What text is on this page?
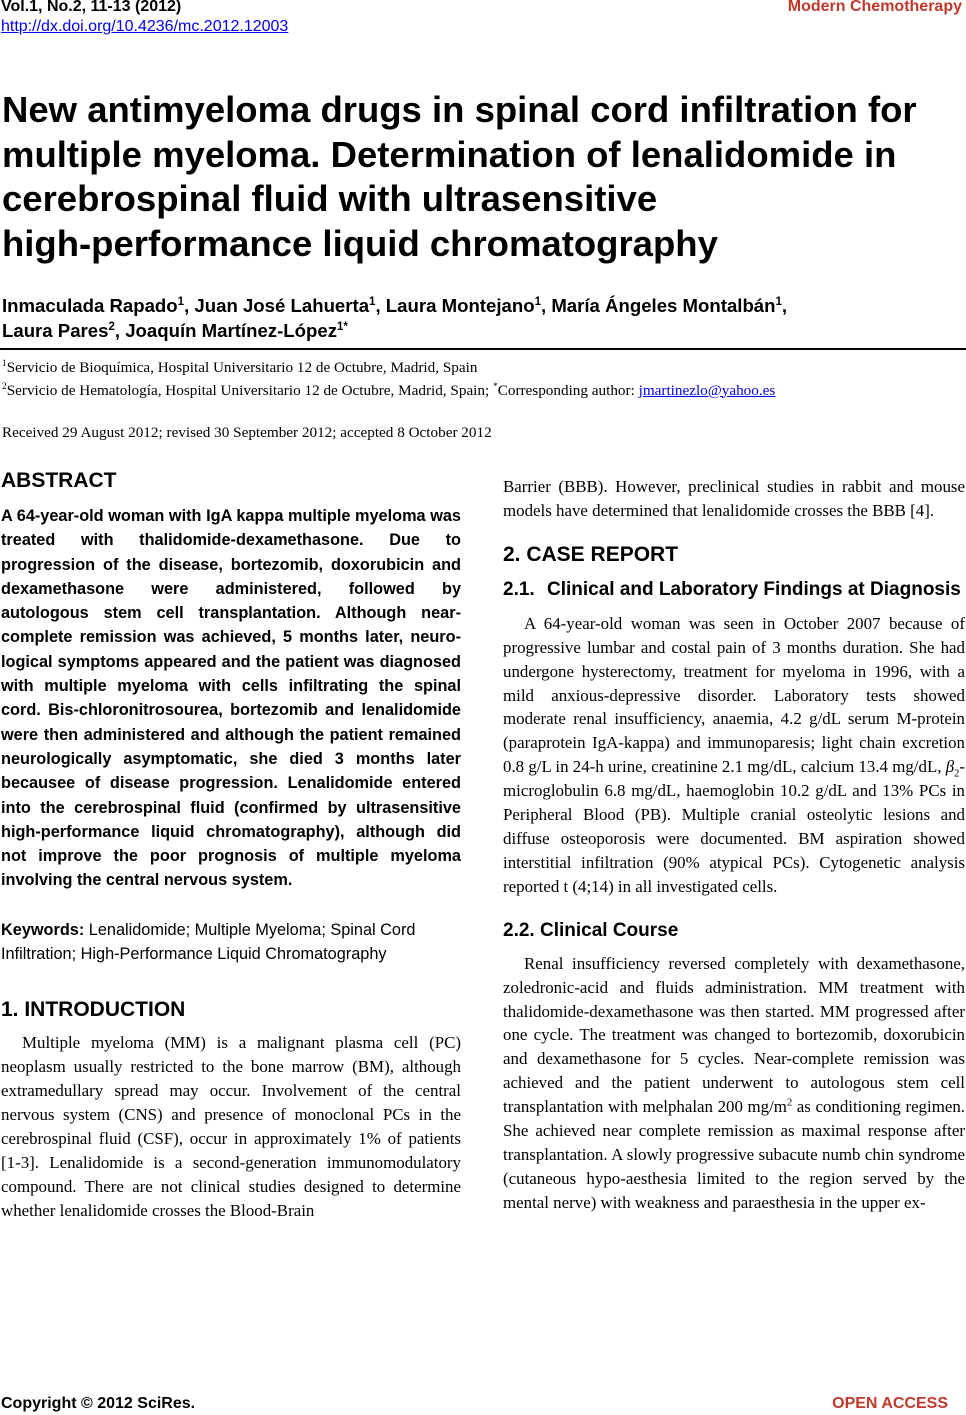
Vol.1, No.2, 11-13 (2012)
http://dx.doi.org/10.4236/mc.2012.12003
Modern Chemotherapy
New antimyeloma drugs in spinal cord infiltration for
multiple myeloma. Determination of lenalidomide in
cerebrospinal fluid with ultrasensitive
high-performance liquid chromatography
Inmaculada Rapado$^1$, Juan José Lahuerta$^1$, Laura Montejano$^1$, María Ángeles Montalbán$^1$,
Laura Pares$^2$, Joaquín Martínez-López$^{1*}$
$^1$Servicio de Bioquímica, Hospital Universitario 12 de Octubre, Madrid, Spain
$^2$Servicio de Hematología, Hospital Universitario 12 de Octubre, Madrid, Spain; *Corresponding author: jmartinezlo@yahoo.es
Received 29 August 2012; revised 30 September 2012; accepted 8 October 2012
ABSTRACT

A 64-year-old woman with IgA kappa multiple myeloma was treated with thalidomide-dexamethasone. Due to progression of the disease, bortezomib, doxorubicin and dexamethasone were administered, followed by autologous stem cell transplantation. Although near-complete remission was achieved, 5 months later, neurological symptoms appeared and the patient was diagnosed with multiple myeloma with cells infiltrating the spinal cord. Bis-chloronitrosourea, bortezomib and lenalidomide were then administered and although the patient remained neurologically asymptomatic, she died 3 months later becausee of disease progression. Lenalidomide entered into the cerebrospinal fluid (confirmed by ultrasensitive high-performance liquid chromatography), although did not improve the poor prognosis of multiple myeloma involving the central nervous system.

Keywords: Lenalidomide; Multiple Myeloma; Spinal Cord Infiltration; High-Performance Liquid Chromatography

1. INTRODUCTION

Multiple myeloma (MM) is a malignant plasma cell (PC) neoplasm usually restricted to the bone marrow (BM), although extramedullary spread may occur. Involvement of the central nervous system (CNS) and presence of monoclonal PCs in the cerebrospinal fluid (CSF), occur in approximately 1% of patients [1-3]. Lenalidomide is a second-generation immunomodulatory compound. There are not clinical studies designed to determine whether lenalidomide crosses the Blood-Brain

Barrier (BBB). However, preclinical studies in rabbit and mouse models have determined that lenalidomide crosses the BBB [4].

2. CASE REPORT
2.1. Clinical and Laboratory Findings at Diagnosis

A 64-year-old woman was seen in October 2007 because of progressive lumbar and costal pain of 3 months duration. She had undergone hysterectomy, treatment for myeloma in 1996, with a mild anxious-depressive disorder. Laboratory tests showed moderate renal insufficiency, anaemia, 4.2 g/dL serum M-protein (paraprotein IgA-kappa) and immunoparesis; light chain excretion 0.8 g/L in 24-h urine, creatinine 2.1 mg/dL, calcium 13.4 mg/dL, $\beta_2$-microglobulin 6.8 mg/dL, haemoglobin 10.2 g/dL and 13% PCs in Peripheral Blood (PB). Multiple cranial osteolytic lesions and diffuse osteoporosis were documented. BM aspiration showed interstitial infiltration (90% atypical PCs). Cytogenetic analysis reported t (4;14) in all investigated cells.

2.2. Clinical Course

Renal insufficiency reversed completely with dexamethasone, zoledronic-acid and fluids administration. MM treatment with thalidomide-dexamethasone was then started. MM progressed after one cycle. The treatment was changed to bortezomib, doxorubicin and dexamethasone for 5 cycles. Near-complete remission was achieved and the patient underwent to autologous stem cell transplantation with melphalan 200 $mg/m^2$ as conditioning regimen. She achieved near complete remission as maximal response after transplantation. A slowly progressive subacute numb chin syndrome (cutaneous hypo-aesthesia limited to the region served by the mental nerve) with weakness and paraesthesia in the upper ex-

Copyright © 2012 SciRes.	OPEN ACCESS
